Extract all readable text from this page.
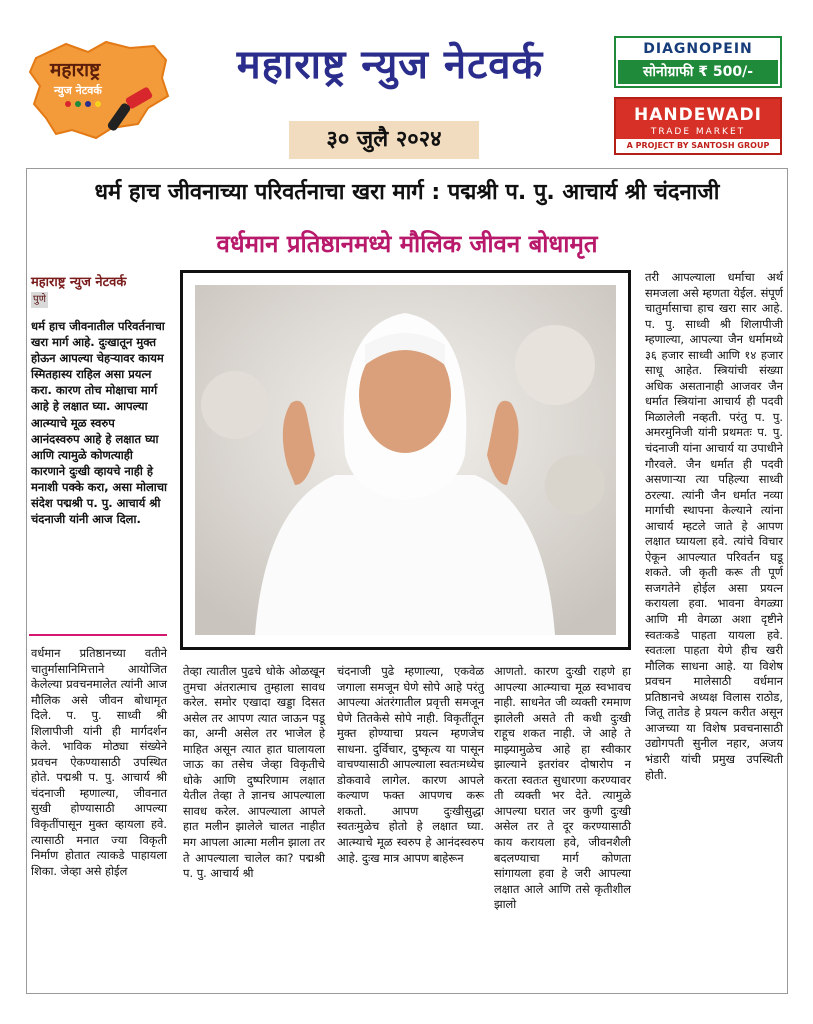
महाराष्ट्र
न्युज नेटवर्क
महाराष्ट्र न्युज नेटवर्क
३० जुलै २०२४
DIAGNOPEIN
सोनोग्राफी ₹ 500/-
HANDEWADI
TRADE MARKET
A PROJECT BY SANTOSH GROUP
धर्म हाच जीवनाच्या परिवर्तनाचा खरा मार्ग : पद्मश्री प. पु. आचार्य श्री चंदनाजी
वर्धमान प्रतिष्ठानमध्ये मौलिक जीवन बोधामृत
महाराष्ट्र न्युज नेटवर्क
पुणे
धर्म हाच जीवनातील परिवर्तनाचा खरा मार्ग आहे. दुःखातून मुक्त होऊन आपल्या चेहऱ्यावर कायम स्मितहास्य राहिल असा प्रयत्न करा. कारण तोच मोक्षाचा मार्ग आहे हे लक्षात घ्या. आपल्या आत्म्याचे मूळ स्वरुप आनंदस्वरुप आहे हे लक्षात घ्या आणि त्यामुळे कोणत्याही कारणाने दुःखी व्हायचे नाही हे मनाशी पक्के करा, असा मोलाचा संदेश पद्मश्री प. पु. आचार्य श्री चंदनाजी यांनी आज दिला.
वर्धमान प्रतिष्ठानच्या वतीने चातुर्मासानिमित्ताने आयोजित केलेल्या प्रवचनमालेत त्यांनी आज मौलिक असे जीवन बोधामृत दिले. प. पु. साध्वी श्री शिलापीजी यांनी ही मार्गदर्शन केले. भाविक मोठ्या संख्येने प्रवचन ऐकण्यासाठी उपस्थित होते. पद्मश्री प. पु. आचार्य श्री चंदनाजी म्हणाल्या, जीवनात सुखी होण्यासाठी आपल्या विकृतींपासून मुक्त व्हायला हवे. त्यासाठी मनात ज्या विकृती निर्माण होतात त्याकडे पाहायला शिका. जेव्हा असे होईल
तेव्हा त्यातील पुढचे धोके ओळखून तुमचा अंतरात्माच तुम्हाला सावध करेल. समोर एखादा खड्डा दिसत असेल तर आपण त्यात जाऊन पडू का, अग्नी असेल तर भाजेल हे माहित असून त्यात हात घालायला जाऊ का तसेच जेव्हा विकृतीचे धोके आणि दुष्परिणाम लक्षात येतील तेव्हा ते ज्ञानच आपल्याला सावध करेल. आपल्याला आपले हात मलीन झालेले चालत नाहीत मग आपला आत्मा मलीन झाला तर ते आपल्याला चालेल का? पद्मश्री प. पु. आचार्य श्री
चंदनाजी पुढे म्हणाल्या, एकवेळ जगाला समजून घेणे सोपे आहे परंतु आपल्या अंतरंगातील प्रवृत्ती समजून घेणे तितकेसे सोपे नाही. विकृतींतून मुक्त होण्याचा प्रयत्न म्हणजेच साधना. दुर्विचार, दुष्कृत्य या पासून वाचण्यासाठी आपल्याला स्वतःमध्येच डोकवावे लागेल. कारण आपले कल्याण फक्त आपणच करू शकतो. आपण दुःखीसुद्धा स्वतःमुळेच होतो हे लक्षात घ्या. आत्म्याचे मूळ स्वरुप हे आनंदस्वरुप आहे. दुःख मात्र आपण बाहेरून
आणतो. कारण दुःखी राहणे हा आपल्या आत्म्याचा मूळ स्वभावच नाही. साधनेत जी व्यक्ती रममाण झालेली असते ती कधी दुःखी राहूच शकत नाही. जे आहे ते माझ्यामुळेच आहे हा स्वीकार झाल्याने इतरांवर दोषारोप न करता स्वतःत सुधारणा करण्यावर ती व्यक्ती भर देते. त्यामुळे आपल्या घरात जर कुणी दुःखी असेल तर ते दूर करण्यासाठी काय करायला हवे, जीवनशैली बदलण्याचा मार्ग कोणता सांगायला हवा हे जरी आपल्या लक्षात आले आणि तसे कृतीशील झालो
तरी आपल्याला धर्माचा अर्थ समजला असे म्हणता येईल. संपूर्ण चातुर्मासाचा हाच खरा सार आहे. प. पु. साध्वी श्री शिलापीजी म्हणाल्या, आपल्या जैन धर्मामध्ये ३६ हजार साध्वी आणि १४ हजार साधू आहेत. स्त्रियांची संख्या अधिक असतानाही आजवर जैन धर्मात स्त्रियांना आचार्य ही पदवी मिळालेली नव्हती. परंतु प. पु. अमरमुनिजी यांनी प्रथमतः प. पु. चंदनाजी यांना आचार्य या उपाधीने गौरवले. जैन धर्मात ही पदवी असणाऱ्या त्या पहिल्या साध्वी ठरल्या. त्यांनी जैन धर्मात नव्या मार्गाची स्थापना केल्याने त्यांना आचार्य म्हटले जाते हे आपण लक्षात घ्यायला हवे. त्यांचे विचार ऐकून आपल्यात परिवर्तन घडू शकते. जी कृती करू ती पूर्ण सजगतेने होईल असा प्रयत्न करायला हवा. भावना वेगळ्या आणि मी वेगळा अशा दृष्टीने स्वतःकडे पाहता यायला हवे. स्वतःला पाहता येणे हीच खरी मौलिक साधना आहे. या विशेष प्रवचन मालेसाठी वर्धमान प्रतिष्ठानचे अध्यक्ष विलास राठोड, जितू तातेड हे प्रयत्न करीत असून आजच्या या विशेष प्रवचनासाठी उद्योगपती सुनील नहार, अजय भंडारी यांची प्रमुख उपस्थिती होती.
